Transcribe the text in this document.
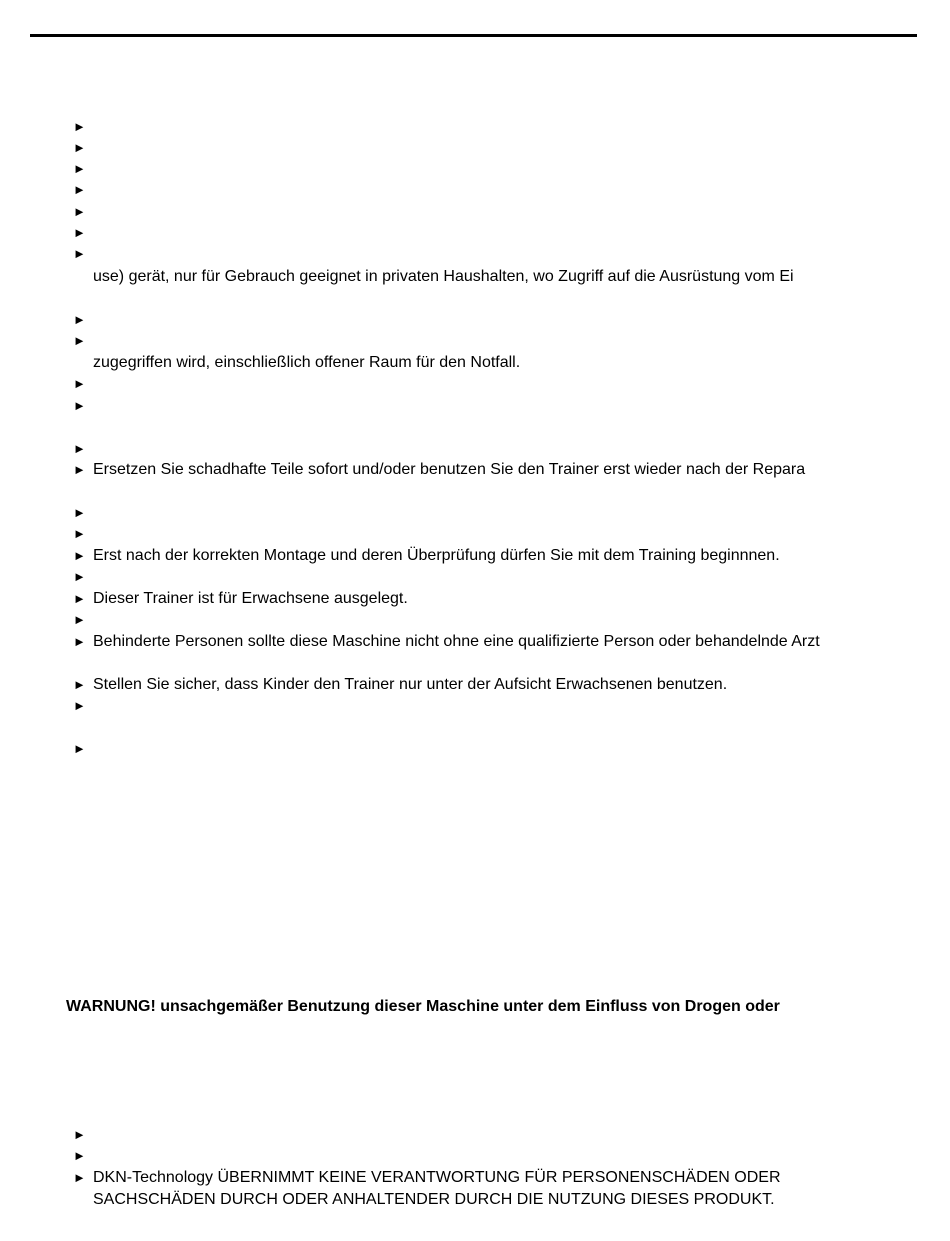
►
►
►
►
►
►
►
use) gerät, nur für Gebrauch geeignet in privaten Haushalten, wo Zugriff auf die Ausrüstung vom Ei
►
►
zugegriffen wird, einschließlich offener Raum für den Notfall.
►
►
►
► Ersetzen Sie schadhafte Teile sofort und/oder benutzen Sie den Trainer erst wieder nach der Repara
►
►
► Erst nach der korrekten Montage und deren Überprüfung dürfen Sie mit dem Training beginnnen.
►
► Dieser Trainer ist für Erwachsene ausgelegt.
►
► Behinderte Personen sollte diese Maschine nicht ohne eine qualifizierte Person oder behandelnde Arzt
► Stellen Sie sicher, dass Kinder den Trainer nur unter der Aufsicht Erwachsenen benutzen.
►
►
►
►
► DKN-Technology ÜBERNIMMT KEINE VERANTWORTUNG FÜR PERSONENSCHÄDEN ODER
SACHSCHÄDEN DURCH ODER ANHALTENDER DURCH DIE NUTZUNG DIESES PRODUKT.
WARNUNG! unsachgemäßer Benutzung dieser Maschine unter dem Einfluss von Drogen oder
